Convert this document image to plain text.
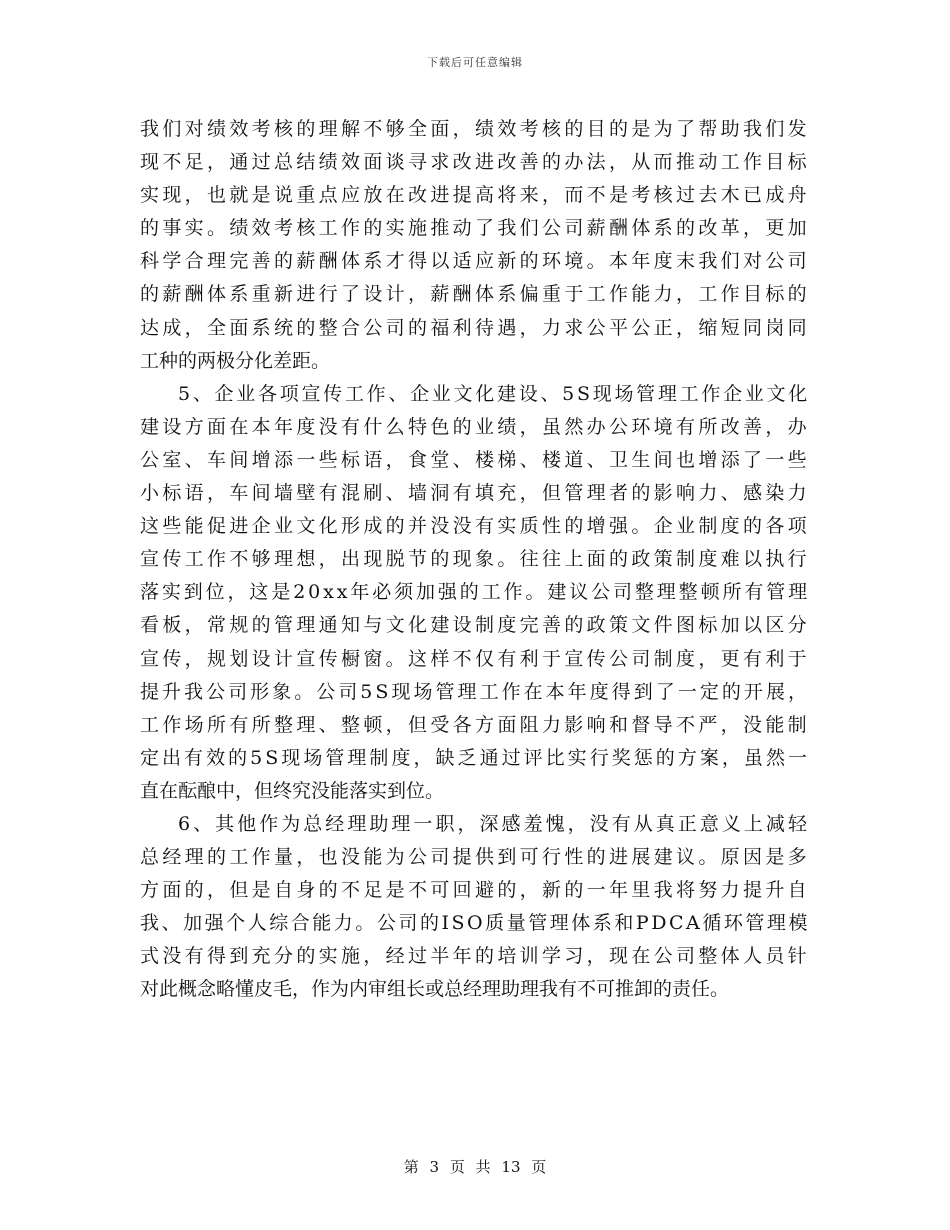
下载后可任意编辑
我们对绩效考核的理解不够全面，绩效考核的目的是为了帮助我们发
现不足，通过总结绩效面谈寻求改进改善的办法，从而推动工作目标
实现，也就是说重点应放在改进提高将来，而不是考核过去木已成舟
的事实。绩效考核工作的实施推动了我们公司薪酬体系的改革，更加
科学合理完善的薪酬体系才得以适应新的环境。本年度末我们对公司
的薪酬体系重新进行了设计，薪酬体系偏重于工作能力，工作目标的
达成，全面系统的整合公司的福利待遇，力求公平公正，缩短同岗同
工种的两极分化差距。
5、企业各项宣传工作、企业文化建设、5S现场管理工作企业文化
建设方面在本年度没有什么特色的业绩，虽然办公环境有所改善，办
公室、车间增添一些标语，食堂、楼梯、楼道、卫生间也增添了一些
小标语，车间墙壁有混刷、墙洞有填充，但管理者的影响力、感染力
这些能促进企业文化形成的并没没有实质性的增强。企业制度的各项
宣传工作不够理想，出现脱节的现象。往往上面的政策制度难以执行
落实到位，这是20xx年必须加强的工作。建议公司整理整顿所有管理
看板，常规的管理通知与文化建设制度完善的政策文件图标加以区分
宣传，规划设计宣传橱窗。这样不仅有利于宣传公司制度，更有利于
提升我公司形象。公司5S现场管理工作在本年度得到了一定的开展，
工作场所有所整理、整顿，但受各方面阻力影响和督导不严，没能制
定出有效的5S现场管理制度，缺乏通过评比实行奖惩的方案，虽然一
直在酝酿中，但终究没能落实到位。
6、其他作为总经理助理一职，深感羞愧，没有从真正意义上减轻
总经理的工作量，也没能为公司提供到可行性的进展建议。原因是多
方面的，但是自身的不足是不可回避的，新的一年里我将努力提升自
我、加强个人综合能力。公司的ISO质量管理体系和PDCA循环管理模
式没有得到充分的实施，经过半年的培训学习，现在公司整体人员针
对此概念略懂皮毛，作为内审组长或总经理助理我有不可推卸的责任。
第 3 页 共 13 页
